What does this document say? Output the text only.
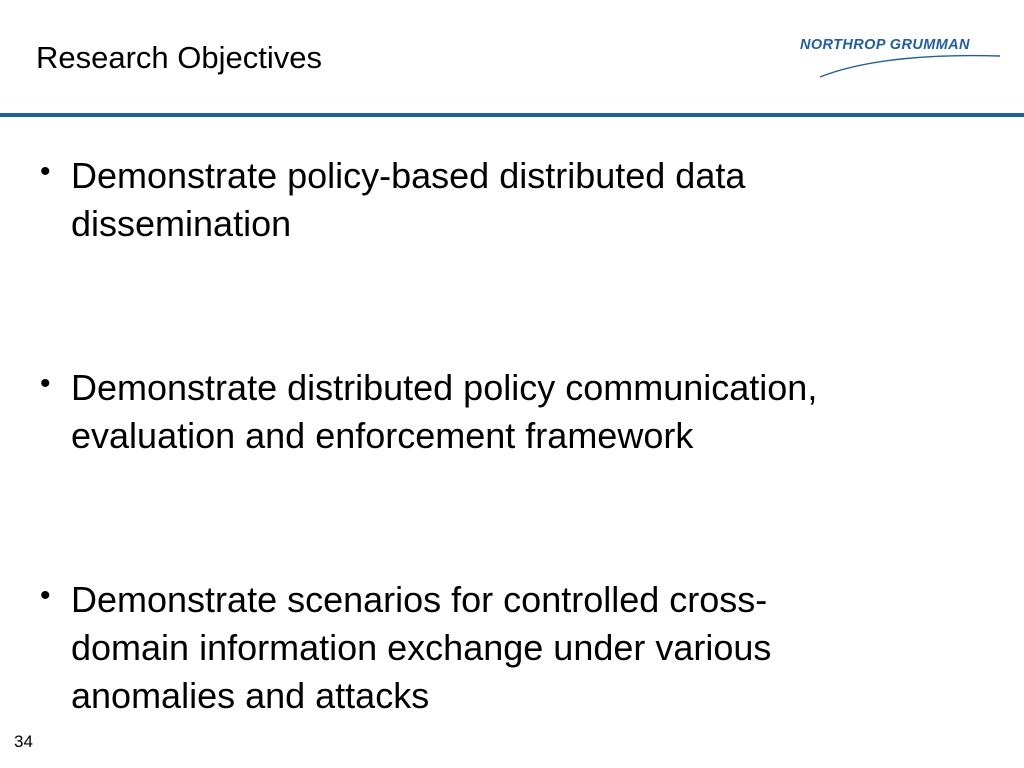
Research Objectives	NORTHROP GRUMMAN
• Demonstrate policy-based distributed data
dissemination
• Demonstrate distributed policy communication,
evaluation and enforcement framework
• Demonstrate scenarios for controlled cross-
domain information exchange under various
anomalies and attacks
34
